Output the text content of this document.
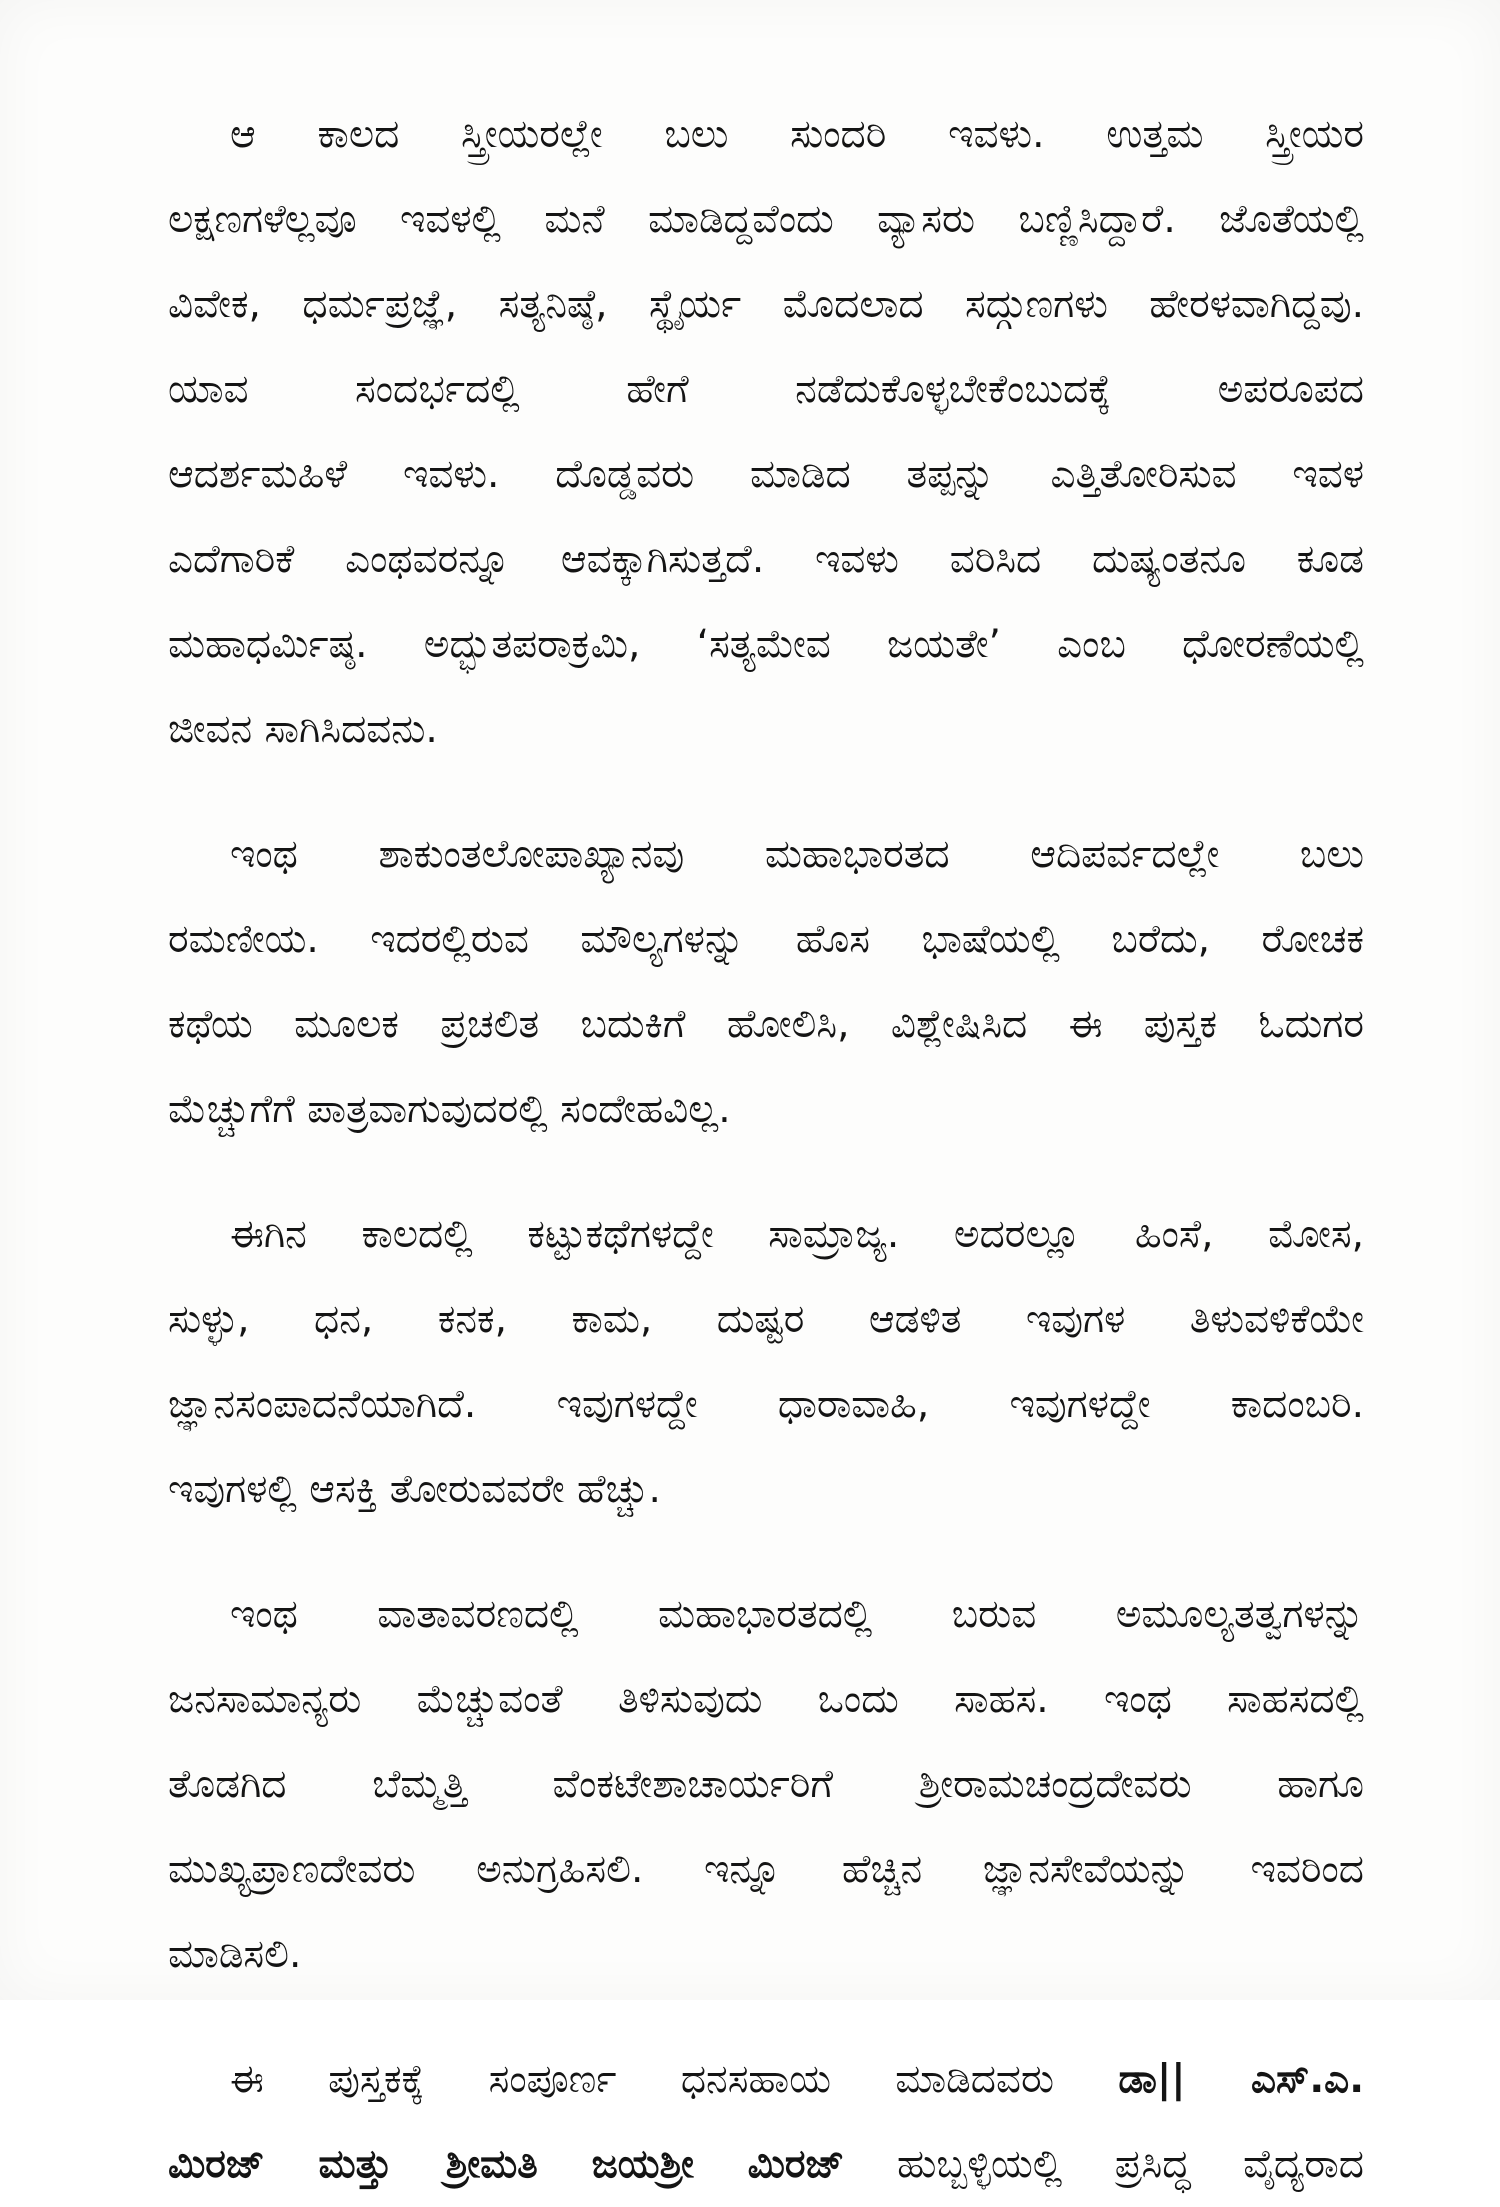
ಆ ಕಾಲದ ಸ್ತ್ರೀಯರಲ್ಲೇ ಬಲು ಸುಂದರಿ ಇವಳು. ಉತ್ತಮ ಸ್ತ್ರೀಯರ
ಲಕ್ಷಣಗಳೆಲ್ಲವೂ ಇವಳಲ್ಲಿ ಮನೆ ಮಾಡಿದ್ದವೆಂದು ವ್ಯಾಸರು ಬಣ್ಣಿಸಿದ್ದಾರೆ. ಜೊತೆಯಲ್ಲಿ
ವಿವೇಕ, ಧರ್ಮಪ್ರಜ್ಞೆ, ಸತ್ಯನಿಷ್ಠೆ, ಸ್ಥೈರ್ಯ ಮೊದಲಾದ ಸದ್ಗುಣಗಳು ಹೇರಳವಾಗಿದ್ದವು.
ಯಾವ ಸಂದರ್ಭದಲ್ಲಿ ಹೇಗೆ ನಡೆದುಕೊಳ್ಳಬೇಕೆಂಬುದಕ್ಕೆ ಅಪರೂಪದ
ಆದರ್ಶಮಹಿಳೆ ಇವಳು. ದೊಡ್ಡವರು ಮಾಡಿದ ತಪ್ಪನ್ನು ಎತ್ತಿತೋರಿಸುವ ಇವಳ
ಎದೆಗಾರಿಕೆ ಎಂಥವರನ್ನೂ ಆವಕ್ಕಾಗಿಸುತ್ತದೆ. ಇವಳು ವರಿಸಿದ ದುಷ್ಯಂತನೂ ಕೂಡ
ಮಹಾಧರ್ಮಿಷ್ಠ. ಅದ್ಭುತಪರಾಕ್ರಮಿ, ‘ಸತ್ಯಮೇವ ಜಯತೇ’ ಎಂಬ ಧೋರಣೆಯಲ್ಲಿ
ಜೀವನ ಸಾಗಿಸಿದವನು.
ಇಂಥ ಶಾಕುಂತಲೋಪಾಖ್ಯಾನವು ಮಹಾಭಾರತದ ಆದಿಪರ್ವದಲ್ಲೇ ಬಲು
ರಮಣೀಯ. ಇದರಲ್ಲಿರುವ ಮೌಲ್ಯಗಳನ್ನು ಹೊಸ ಭಾಷೆಯಲ್ಲಿ ಬರೆದು, ರೋಚಕ
ಕಥೆಯ ಮೂಲಕ ಪ್ರಚಲಿತ ಬದುಕಿಗೆ ಹೋಲಿಸಿ, ವಿಶ್ಲೇಷಿಸಿದ ಈ ಪುಸ್ತಕ ಓದುಗರ
ಮೆಚ್ಚುಗೆಗೆ ಪಾತ್ರವಾಗುವುದರಲ್ಲಿ ಸಂದೇಹವಿಲ್ಲ.
ಈಗಿನ ಕಾಲದಲ್ಲಿ ಕಟ್ಟುಕಥೆಗಳದ್ದೇ ಸಾಮ್ರಾಜ್ಯ. ಅದರಲ್ಲೂ ಹಿಂಸೆ, ಮೋಸ,
ಸುಳ್ಳು, ಧನ, ಕನಕ, ಕಾಮ, ದುಷ್ಟರ ಆಡಳಿತ ಇವುಗಳ ತಿಳುವಳಿಕೆಯೇ
ಜ್ಞಾನಸಂಪಾದನೆಯಾಗಿದೆ. ಇವುಗಳದ್ದೇ ಧಾರಾವಾಹಿ, ಇವುಗಳದ್ದೇ ಕಾದಂಬರಿ.
ಇವುಗಳಲ್ಲಿ ಆಸಕ್ತಿ ತೋರುವವರೇ ಹೆಚ್ಚು.
ಇಂಥ ವಾತಾವರಣದಲ್ಲಿ ಮಹಾಭಾರತದಲ್ಲಿ ಬರುವ ಅಮೂಲ್ಯತತ್ವಗಳನ್ನು
ಜನಸಾಮಾನ್ಯರು ಮೆಚ್ಚುವಂತೆ ತಿಳಿಸುವುದು ಒಂದು ಸಾಹಸ. ಇಂಥ ಸಾಹಸದಲ್ಲಿ
ತೊಡಗಿದ ಬೆಮ್ಮತ್ತಿ ವೆಂಕಟೇಶಾಚಾರ್ಯರಿಗೆ ಶ್ರೀರಾಮಚಂದ್ರದೇವರು ಹಾಗೂ
ಮುಖ್ಯಪ್ರಾಣದೇವರು ಅನುಗ್ರಹಿಸಲಿ. ಇನ್ನೂ ಹೆಚ್ಚಿನ ಜ್ಞಾನಸೇವೆಯನ್ನು ಇವರಿಂದ
ಮಾಡಿಸಲಿ.
ಈ ಪುಸ್ತಕಕ್ಕೆ ಸಂಪೂರ್ಣ ಧನಸಹಾಯ ಮಾಡಿದವರು ಡಾ|| ಎಸ್.ಎ.
ಮಿರಜ್ ಮತ್ತು ಶ್ರೀಮತಿ ಜಯಶ್ರೀ ಮಿರಜ್ ಹುಬ್ಬಳ್ಳಿಯಲ್ಲಿ ಪ್ರಸಿದ್ಧ ವೈದ್ಯರಾದ
